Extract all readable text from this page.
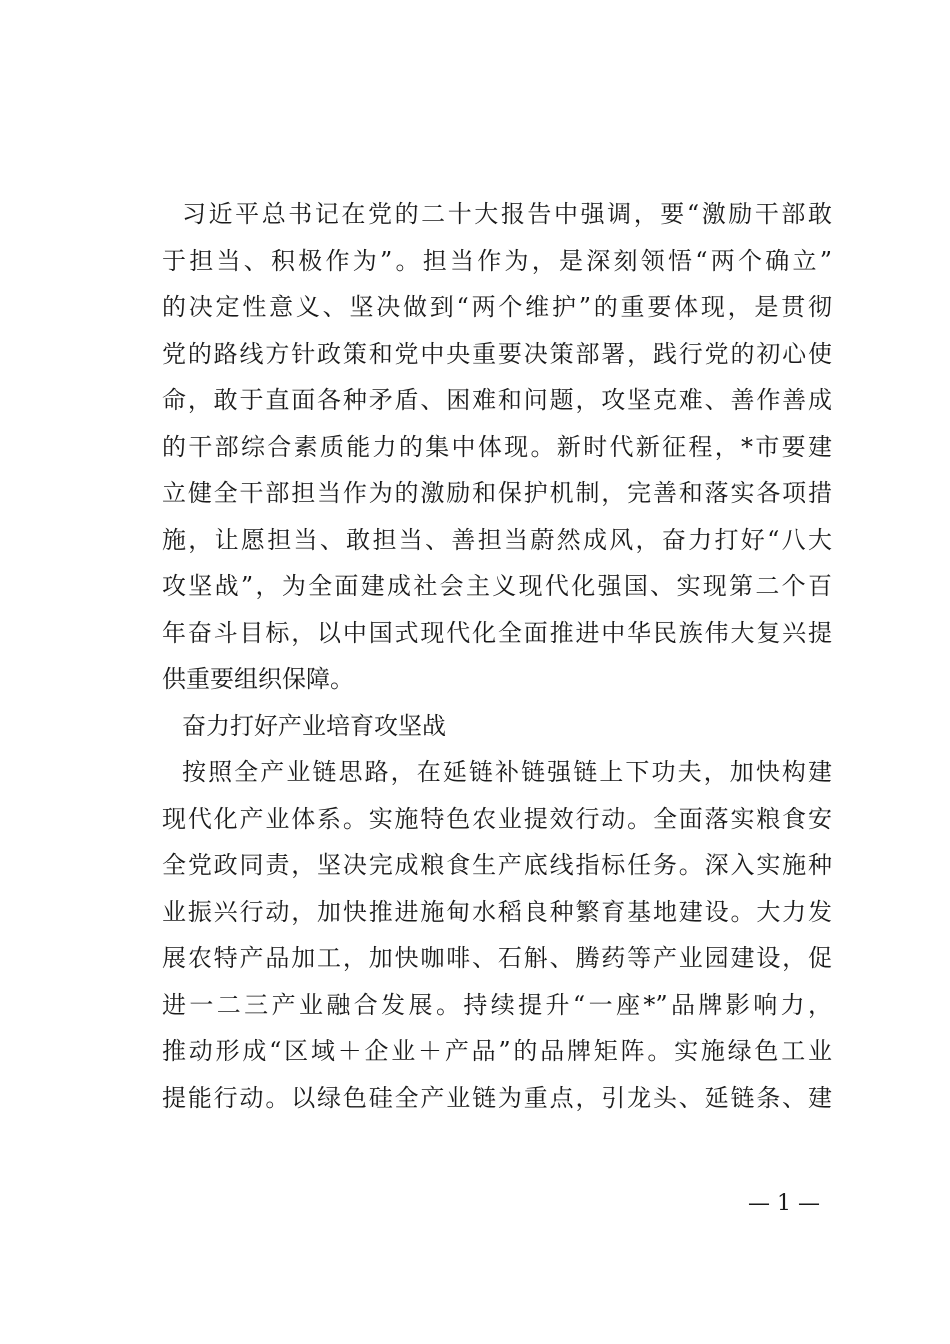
习近平总书记在党的二十大报告中强调，要“激励干部敢
于担当、积极作为”。担当作为，是深刻领悟“两个确立”
的决定性意义、坚决做到“两个维护”的重要体现，是贯彻
党的路线方针政策和党中央重要决策部署，践行党的初心使
命，敢于直面各种矛盾、困难和问题，攻坚克难、善作善成
的干部综合素质能力的集中体现。新时代新征程，*市要建
立健全干部担当作为的激励和保护机制，完善和落实各项措
施，让愿担当、敢担当、善担当蔚然成风，奋力打好“八大
攻坚战”，为全面建成社会主义现代化强国、实现第二个百
年奋斗目标，以中国式现代化全面推进中华民族伟大复兴提
供重要组织保障。
奋力打好产业培育攻坚战
按照全产业链思路，在延链补链强链上下功夫，加快构建
现代化产业体系。实施特色农业提效行动。全面落实粮食安
全党政同责，坚决完成粮食生产底线指标任务。深入实施种
业振兴行动，加快推进施甸水稻良种繁育基地建设。大力发
展农特产品加工，加快咖啡、石斛、腾药等产业园建设，促
进一二三产业融合发展。持续提升“一座*”品牌影响力，
推动形成“区域＋企业＋产品”的品牌矩阵。实施绿色工业
提能行动。以绿色硅全产业链为重点，引龙头、延链条、建
— 1 —
